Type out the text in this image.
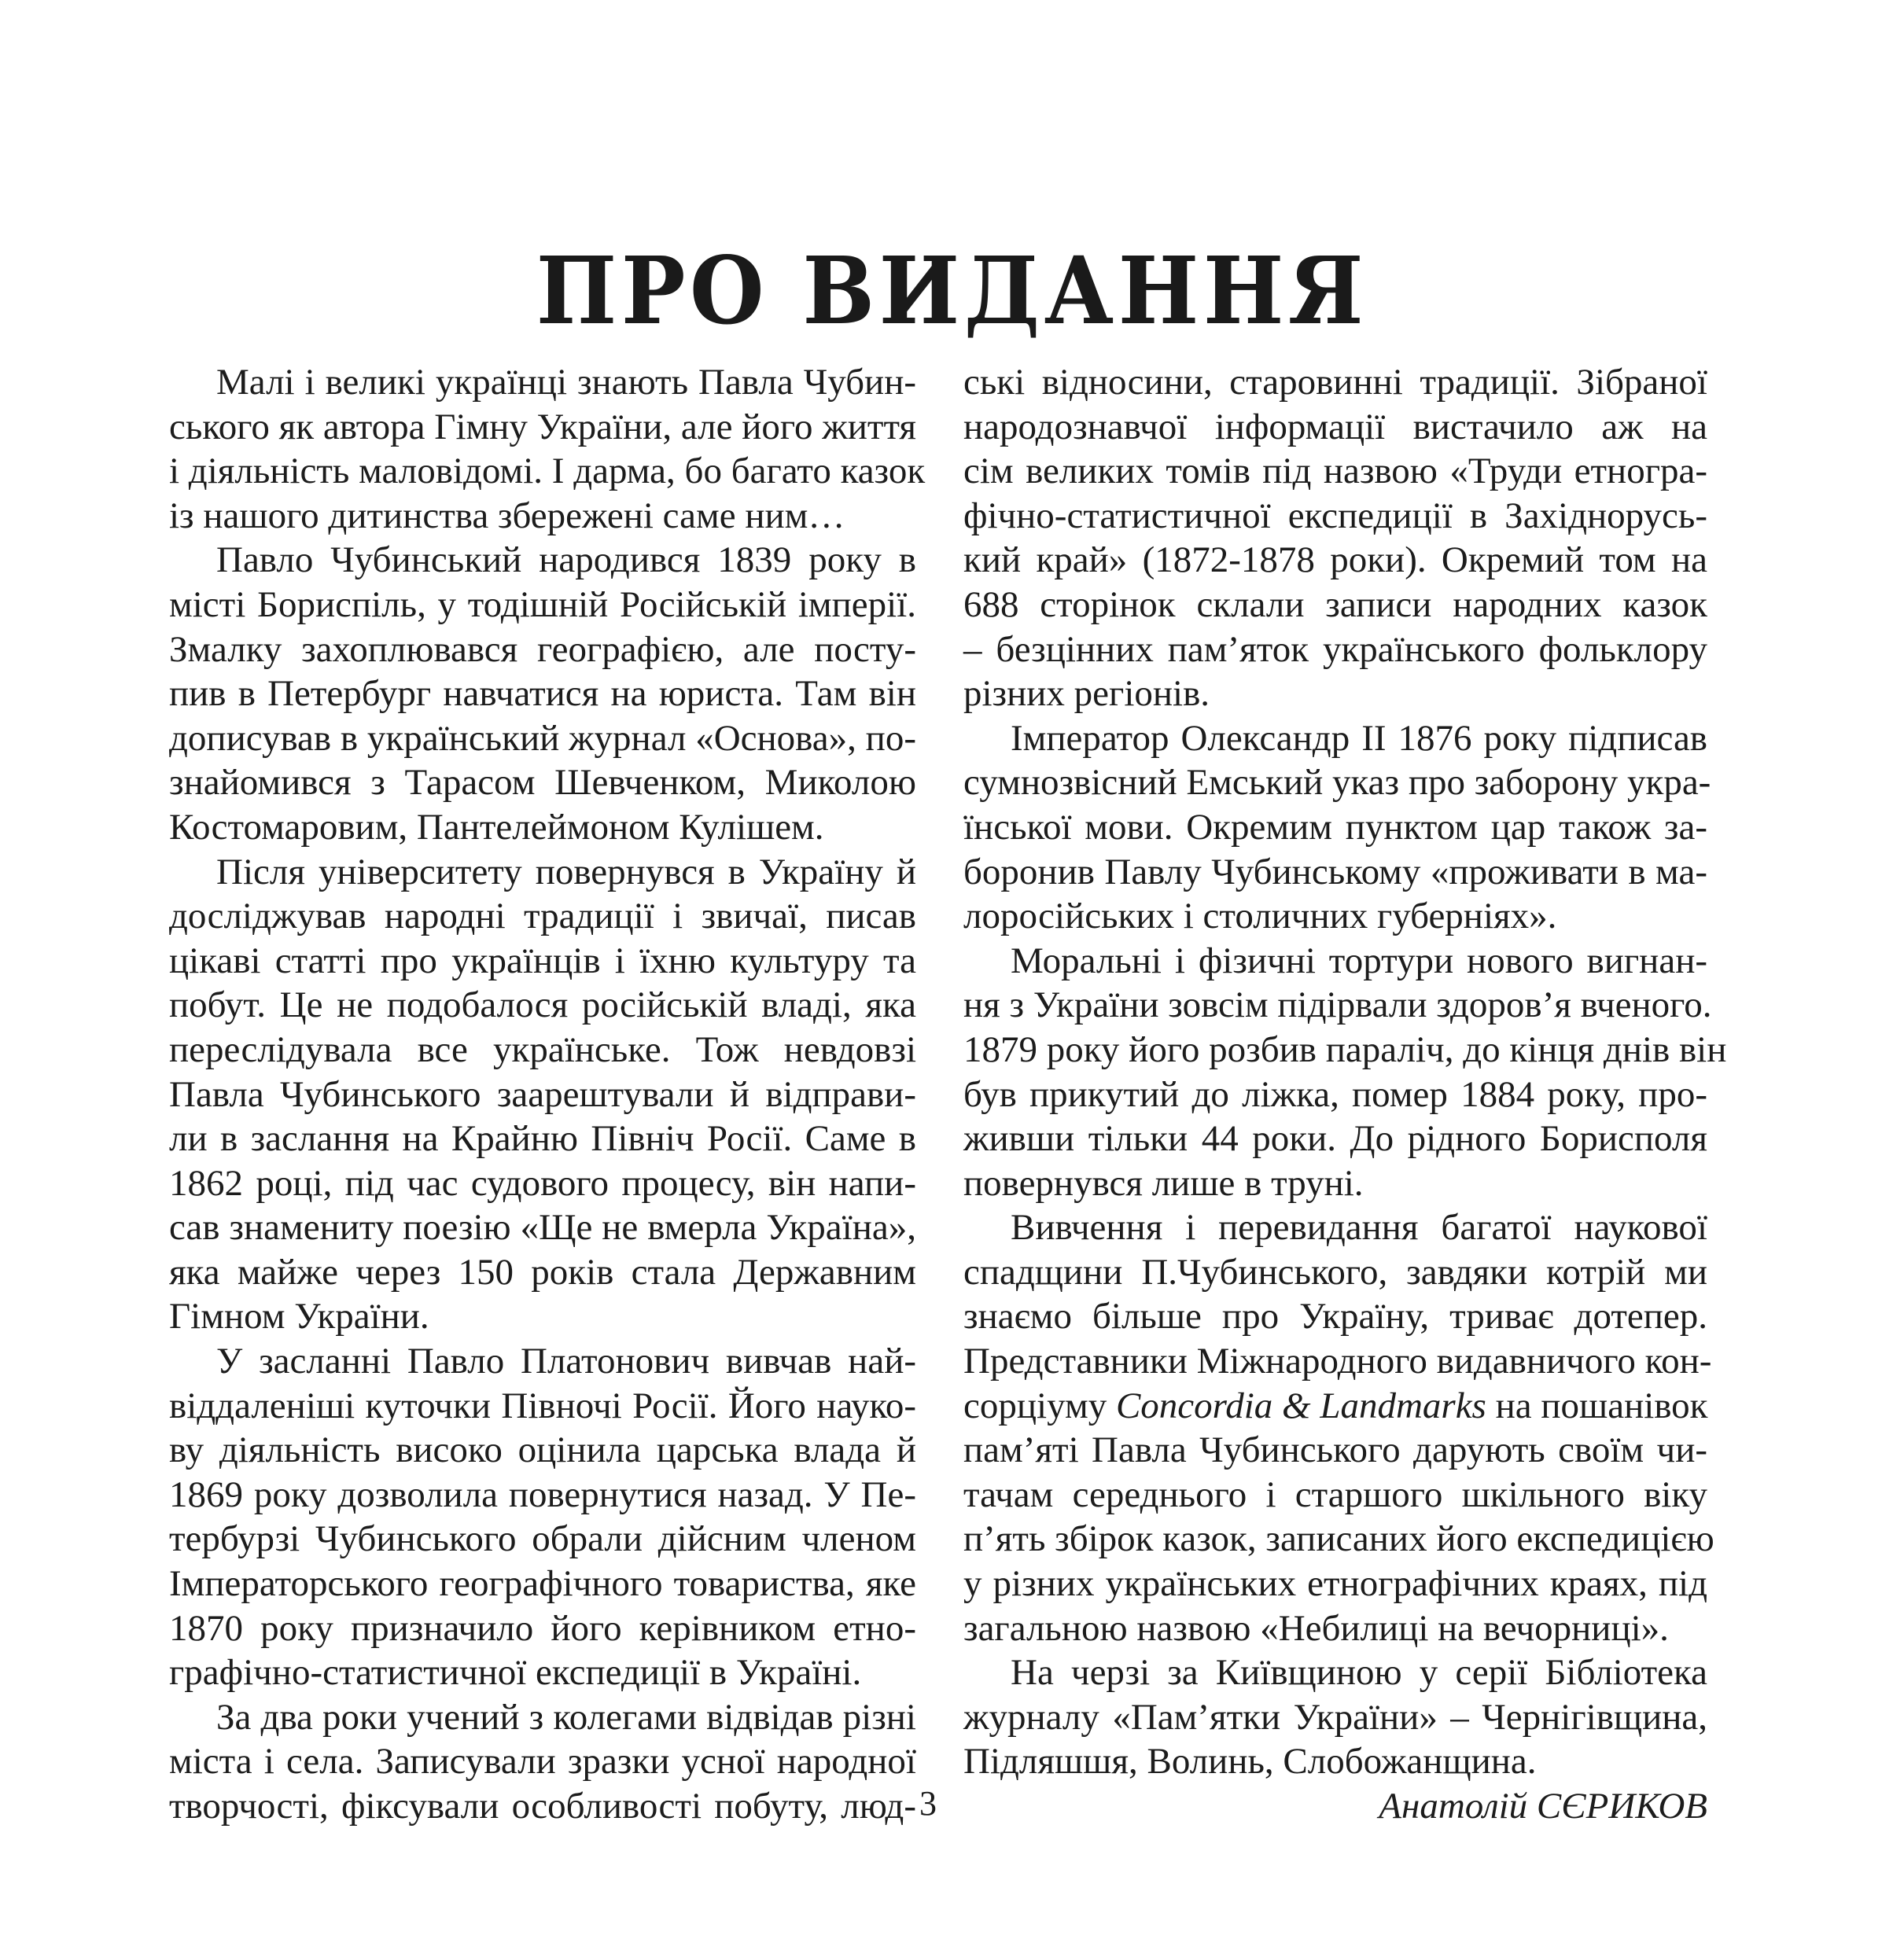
ПРО ВИДАННЯ
Малі і великі українці знають Павла Чубин-
ського як автора Гімну України, але його життя
і діяльність маловідомі. І дарма, бо багато казок
із нашого дитинства збережені саме ним…
Павло Чубинський народився 1839 року в
місті Бориспіль, у тодішній Російській імперії.
Змалку захоплювався географією, але посту-
пив в Петербург навчатися на юриста. Там він
дописував в український журнал «Основа», по-
знайомився з Тарасом Шевченком, Миколою
Костомаровим, Пантелеймоном Кулішем.
Після університету повернувся в Україну й
досліджував народні традиції і звичаї, писав
цікаві статті про українців і їхню культуру та
побут. Це не подобалося російській владі, яка
переслідувала все українське. Тож невдовзі
Павла Чубинського заарештували й відправи-
ли в заслання на Крайню Північ Росії. Саме в
1862 році, під час судового процесу, він напи-
сав знамениту поезію «Ще не вмерла Україна»,
яка майже через 150 років стала Державним
Гімном України.
У засланні Павло Платонович вивчав най-
віддаленіші куточки Півночі Росії. Його науко-
ву діяльність високо оцінила царська влада й
1869 року дозволила повернутися назад. У Пе-
тербурзі Чубинського обрали дійсним членом
Імператорського географічного товариства, яке
1870 року призначило його керівником етно-
графічно-статистичної експедиції в Україні.
За два роки учений з колегами відвідав різні
міста і села. Записували зразки усної народної
творчості, фіксували особливості побуту, люд-
ські відносини, старовинні традиції. Зібраної
народознавчої інформації вистачило аж на
сім великих томів під назвою «Труди етногра-
фічно-статистичної експедиції в Західнорусь-
кий край» (1872-1878 роки). Окремий том на
688 сторінок склали записи народних казок
– безцінних пам’яток українського фольклору
різних регіонів.
Імператор Олександр II 1876 року підписав
сумнозвісний Емський указ про заборону укра-
їнської мови. Окремим пунктом цар також за-
боронив Павлу Чубинському «проживати в ма-
лоросійських і столичних губерніях».
Моральні і фізичні тортури нового вигнан-
ня з України зовсім підірвали здоров’я вченого.
1879 року його розбив параліч, до кінця днів він
був прикутий до ліжка, помер 1884 року, про-
живши тільки 44 роки. До рідного Борисполя
повернувся лише в труні.
Вивчення і перевидання багатої наукової
спадщини П.Чубинського, завдяки котрій ми
знаємо більше про Україну, триває дотепер.
Представники Міжнародного видавничого кон-
сорціуму Concordia & Landmarks на пошанівок
пам’яті Павла Чубинського дарують своїм чи-
тачам середнього і старшого шкільного віку
п’ять збірок казок, записаних його експедицією
у різних українських етнографічних краях, під
загальною назвою «Небилиці на вечорниці».
На черзі за Київщиною у серії Бібліотека
журналу «Пам’ятки України» – Чернігівщина,
Підляшшя, Волинь, Слобожанщина.
Анатолій СЄРИКОВ
3
